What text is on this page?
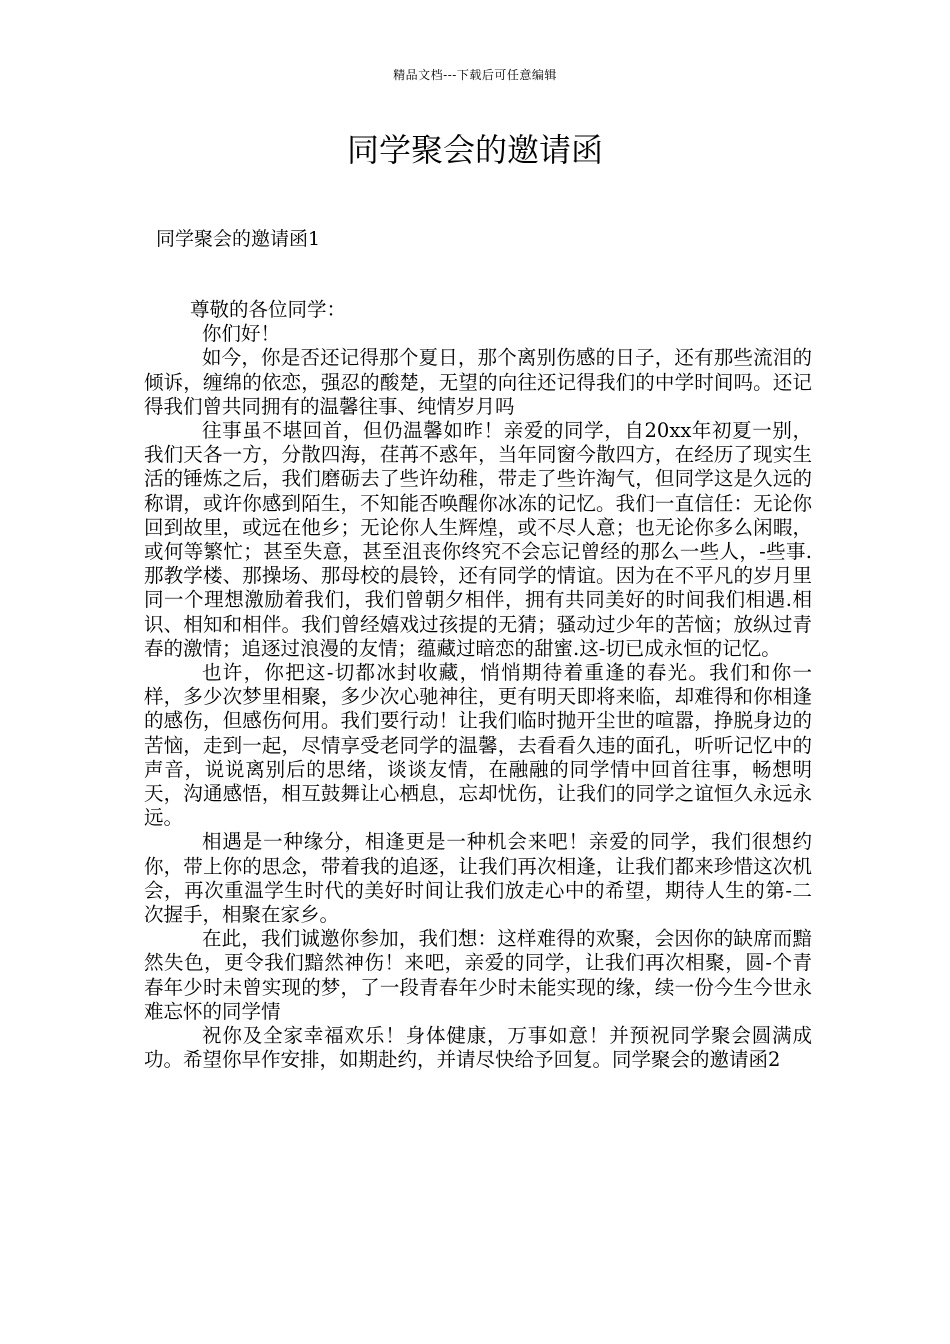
精品文档---下载后可任意编辑
同学聚会的邀请函
同学聚会的邀请函1

尊敬的各位同学：

你们好！

如今，你是否还记得那个夏日，那个离别伤感的日子，还有那些流泪的倾诉，缠绵的依恋，强忍的酸楚，无望的向往还记得我们的中学时间吗。还记得我们曾共同拥有的温馨往事、纯情岁月吗

往事虽不堪回首，但仍温馨如昨！亲爱的同学，自20xx年初夏一别，我们天各一方，分散四海，荏苒不惑年，当年同窗今散四方，在经历了现实生活的锤炼之后，我们磨砺去了些许幼稚，带走了些许淘气，但同学这是久远的称谓，或许你感到陌生，不知能否唤醒你冰冻的记忆。我们一直信任：无论你回到故里，或远在他乡；无论你人生辉煌，或不尽人意；也无论你多么闲暇，或何等繁忙；甚至失意，甚至沮丧你终究不会忘记曾经的那么一些人，-些事.那教学楼、那操场、那母校的晨铃，还有同学的情谊。因为在不平凡的岁月里同一个理想激励着我们，我们曾朝夕相伴，拥有共同美好的时间我们相遇.相识、相知和相伴。我们曾经嬉戏过孩提的无猜；骚动过少年的苦恼；放纵过青春的激情；追逐过浪漫的友情；蕴藏过暗恋的甜蜜.这-切已成永恒的记忆。

也许，你把这-切都冰封收藏，悄悄期待着重逢的春光。我们和你一样，多少次梦里相聚，多少次心驰神往，更有明天即将来临，却难得和你相逢的感伤，但感伤何用。我们要行动！让我们临时抛开尘世的喧嚣，挣脱身边的苦恼，走到一起，尽情享受老同学的温馨，去看看久违的面孔，听听记忆中的声音，说说离别后的思绪，谈谈友情，在融融的同学情中回首往事，畅想明天，沟通感悟，相互鼓舞让心栖息，忘却忧伤，让我们的同学之谊恒久永远永远。

相遇是一种缘分，相逢更是一种机会来吧！亲爱的同学，我们很想约你，带上你的思念，带着我的追逐，让我们再次相逢，让我们都来珍惜这次机会，再次重温学生时代的美好时间让我们放走心中的希望，期待人生的第-二次握手，相聚在家乡。

在此，我们诚邀你参加，我们想：这样难得的欢聚，会因你的缺席而黯然失色，更令我们黯然神伤！来吧，亲爱的同学，让我们再次相聚，圆-个青春年少时未曾实现的梦，了一段青春年少时未能实现的缘，续一份今生今世永难忘怀的同学情

祝你及全家幸福欢乐！身体健康，万事如意！并预祝同学聚会圆满成功。希望你早作安排，如期赴约，并请尽快给予回复。同学聚会的邀请函2
